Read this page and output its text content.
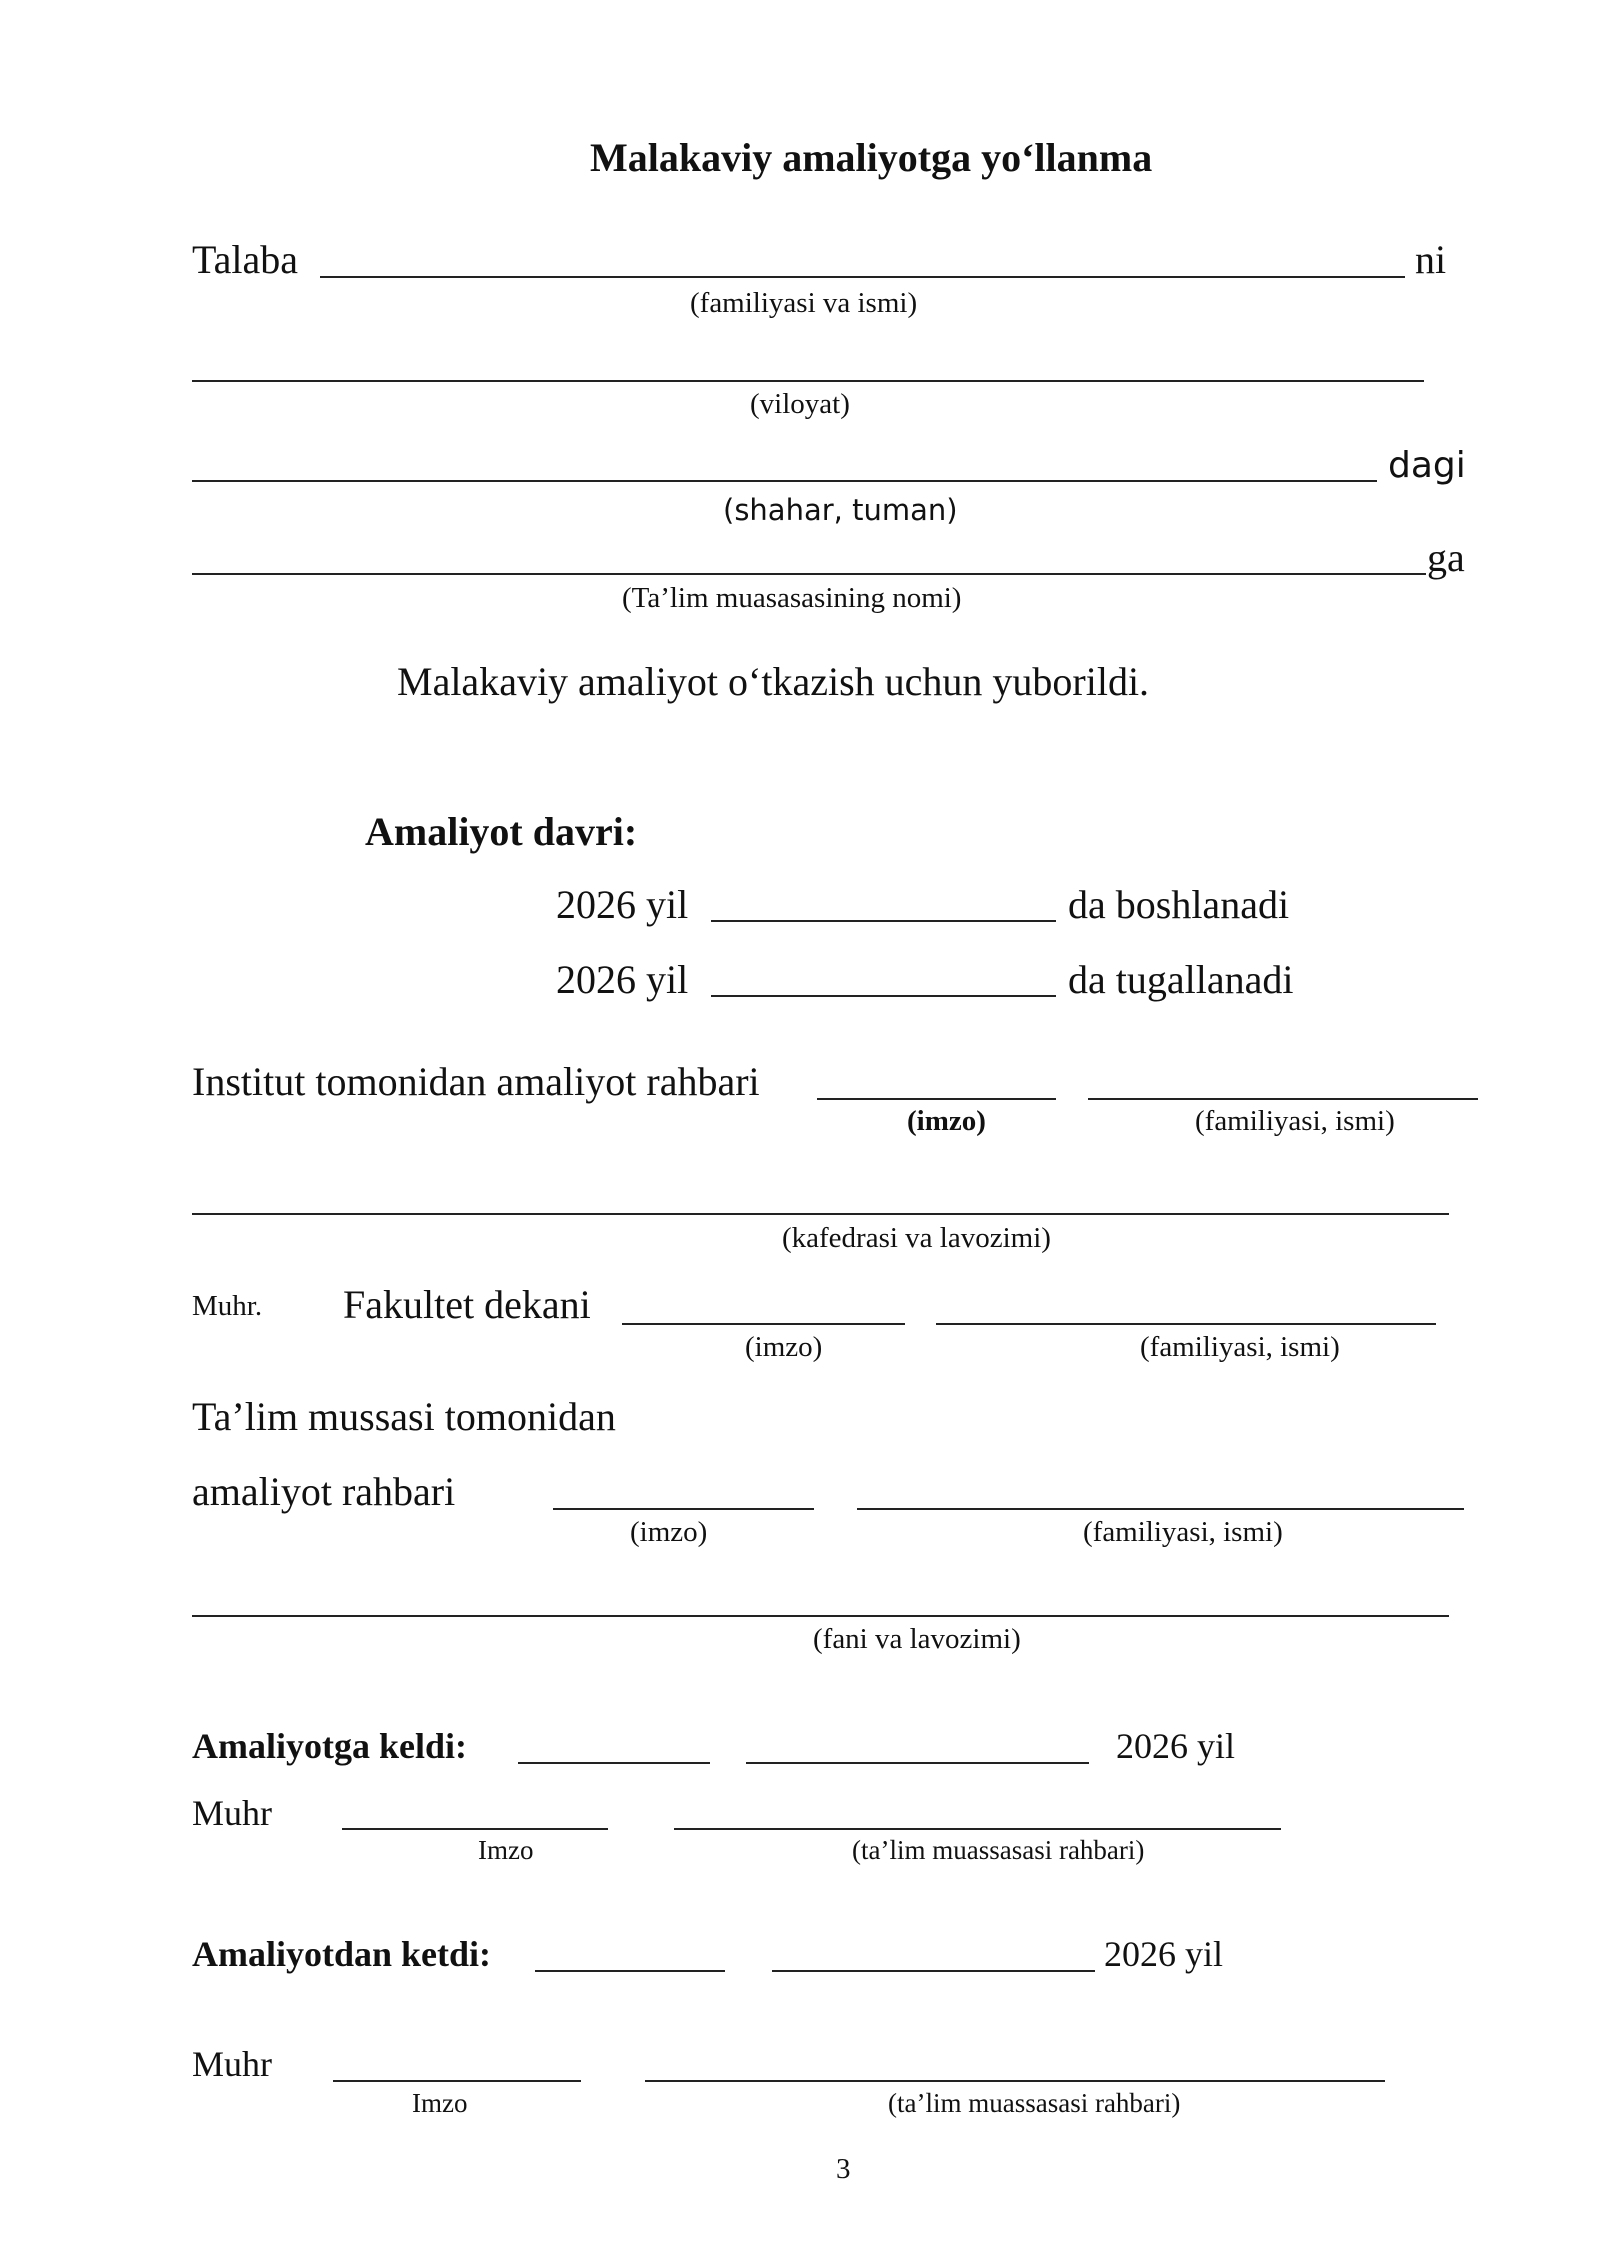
Malakaviy amaliyotga yo‘llanma
Talaba	ni
(familiyasi va ismi)
(viloyat)
dagi
(shahar, tuman)
ga
(Ta’lim muasasasining nomi)
Malakaviy amaliyot o‘tkazish uchun yuborildi.
Amaliyot davri:
2026 yil	da boshlanadi
2026 yil	da tugallanadi
Institut tomonidan amaliyot rahbari
(imzo)	(familiyasi, ismi)
(kafedrasi va lavozimi)
Muhr. Fakultet dekani
(imzo)	(familiyasi, ismi)
Ta’lim mussasi tomonidan
amaliyot rahbari
(imzo)	(familiyasi, ismi)
(fani va lavozimi)
Amaliyotga keldi:	2026 yil
Muhr
Imzo	(ta’lim muassasasi rahbari)
Amaliyotdan ketdi:	2026 yil
Muhr
Imzo	(ta’lim muassasasi rahbari)
3
